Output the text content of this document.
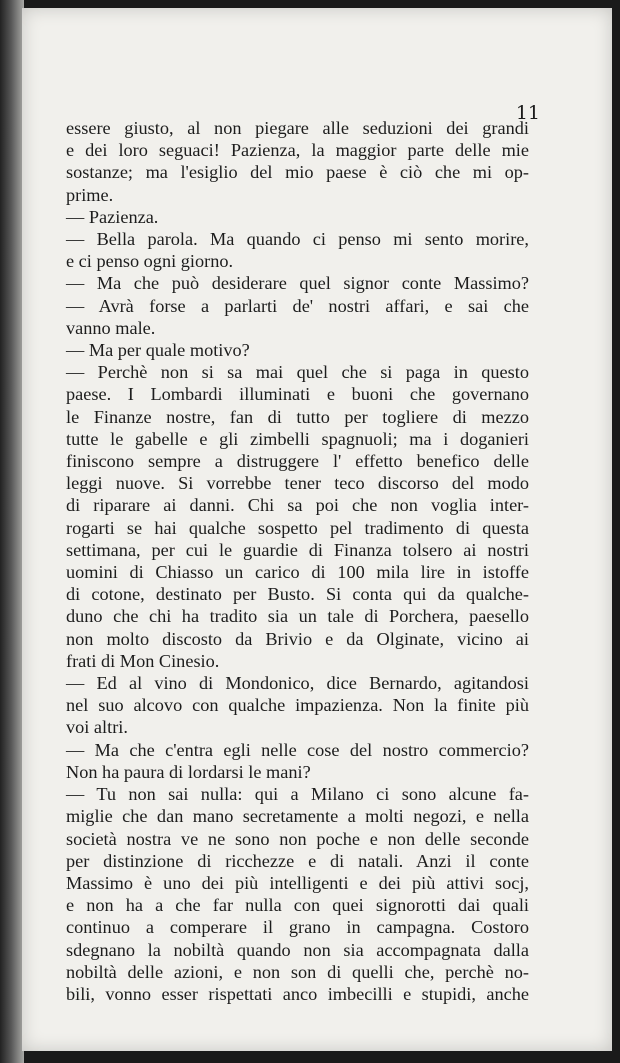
11
essere giusto, al non piegare alle seduzioni dei grandi
e dei loro seguaci! Pazienza, la maggior parte delle mie
sostanze; ma l'esiglio del mio paese è ciò che mi op-
prime.
— Pazienza.
— Bella parola. Ma quando ci penso mi sento morire,
e ci penso ogni giorno.
— Ma che può desiderare quel signor conte Massimo?
— Avrà forse a parlarti de' nostri affari, e sai che
vanno male.
— Ma per quale motivo?
— Perchè non si sa mai quel che si paga in questo
paese. I Lombardi illuminati e buoni che governano
le Finanze nostre, fan di tutto per togliere di mezzo
tutte le gabelle e gli zimbelli spagnuoli; ma i doganieri
finiscono sempre a distruggere l' effetto benefico delle
leggi nuove. Si vorrebbe tener teco discorso del modo
di riparare ai danni. Chi sa poi che non voglia inter-
rogarti se hai qualche sospetto pel tradimento di questa
settimana, per cui le guardie di Finanza tolsero ai nostri
uomini di Chiasso un carico di 100 mila lire in istoffe
di cotone, destinato per Busto. Si conta qui da qualche-
duno che chi ha tradito sia un tale di Porchera, paesello
non molto discosto da Brivio e da Olginate, vicino ai
frati di Mon Cinesio.
— Ed al vino di Mondonico, dice Bernardo, agitandosi
nel suo alcovo con qualche impazienza. Non la finite più
voi altri.
— Ma che c'entra egli nelle cose del nostro commercio?
Non ha paura di lordarsi le mani?
— Tu non sai nulla: qui a Milano ci sono alcune fa-
miglie che dan mano secretamente a molti negozi, e nella
società nostra ve ne sono non poche e non delle seconde
per distinzione di ricchezze e di natali. Anzi il conte
Massimo è uno dei più intelligenti e dei più attivi socj,
e non ha a che far nulla con quei signorotti dai quali
continuo a comperare il grano in campagna. Costoro
sdegnano la nobiltà quando non sia accompagnata dalla
nobiltà delle azioni, e non son di quelli che, perchè no-
bili, vonno esser rispettati anco imbecilli e stupidi, anche
